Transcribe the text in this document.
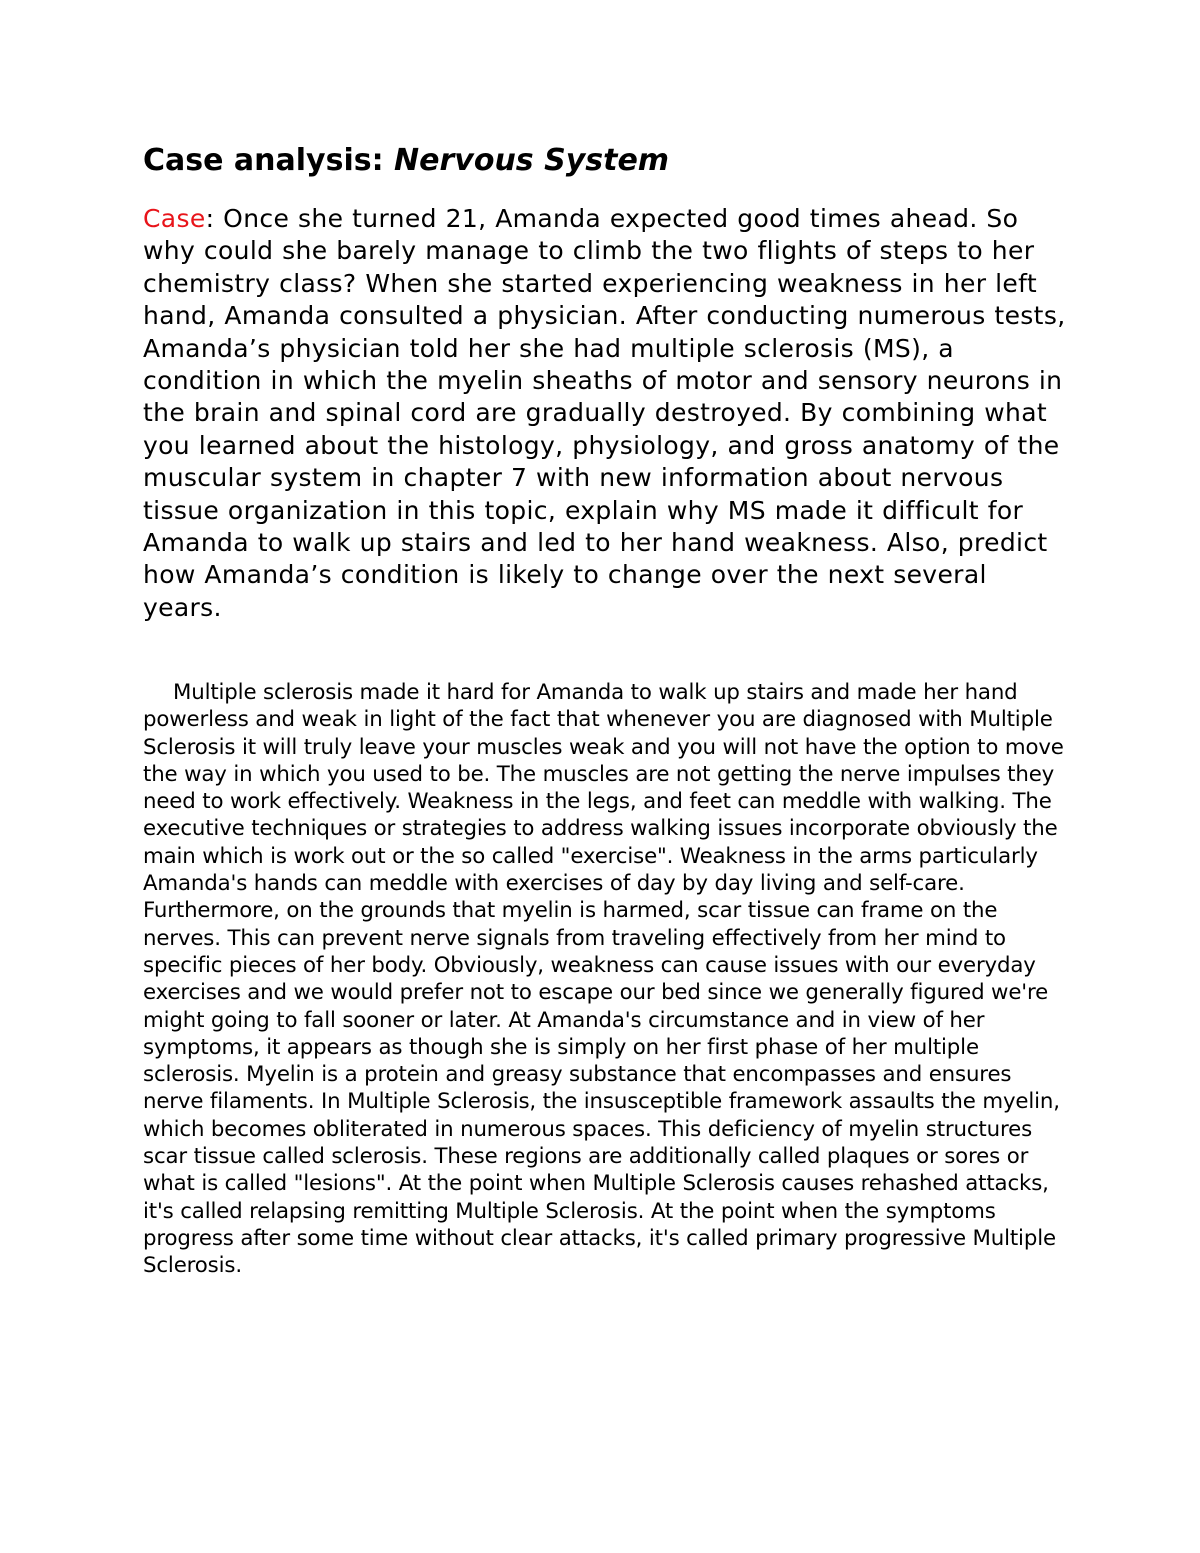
Case analysis: Nervous System

Case: Once she turned 21, Amanda expected good times ahead. So why could she barely manage to climb the two flights of steps to her chemistry class? When she started experiencing weakness in her left hand, Amanda consulted a physician. After conducting numerous tests, Amanda’s physician told her she had multiple sclerosis (MS), a condition in which the myelin sheaths of motor and sensory neurons in the brain and spinal cord are gradually destroyed. By combining what you learned about the histology, physiology, and gross anatomy of the muscular system in chapter 7 with new information about nervous tissue organization in this topic, explain why MS made it difficult for Amanda to walk up stairs and led to her hand weakness. Also, predict how Amanda’s condition is likely to change over the next several years.

Multiple sclerosis made it hard for Amanda to walk up stairs and made her hand powerless and weak in light of the fact that whenever you are diagnosed with Multiple Sclerosis it will truly leave your muscles weak and you will not have the option to move the way in which you used to be. The muscles are not getting the nerve impulses they need to work effectively. Weakness in the legs, and feet can meddle with walking. The executive techniques or strategies to address walking issues incorporate obviously the main which is work out or the so called "exercise". Weakness in the arms particularly Amanda's hands can meddle with exercises of day by day living and self-care. Furthermore, on the grounds that myelin is harmed, scar tissue can frame on the nerves. This can prevent nerve signals from traveling effectively from her mind to specific pieces of her body. Obviously, weakness can cause issues with our everyday exercises and we would prefer not to escape our bed since we generally figured we're might going to fall sooner or later. At Amanda's circumstance and in view of her symptoms, it appears as though she is simply on her first phase of her multiple sclerosis. Myelin is a protein and greasy substance that encompasses and ensures nerve filaments. In Multiple Sclerosis, the insusceptible framework assaults the myelin, which becomes obliterated in numerous spaces. This deficiency of myelin structures scar tissue called sclerosis. These regions are additionally called plaques or sores or what is called "lesions". At the point when Multiple Sclerosis causes rehashed attacks, it's called relapsing remitting Multiple Sclerosis. At the point when the symptoms progress after some time without clear attacks, it's called primary progressive Multiple Sclerosis.
